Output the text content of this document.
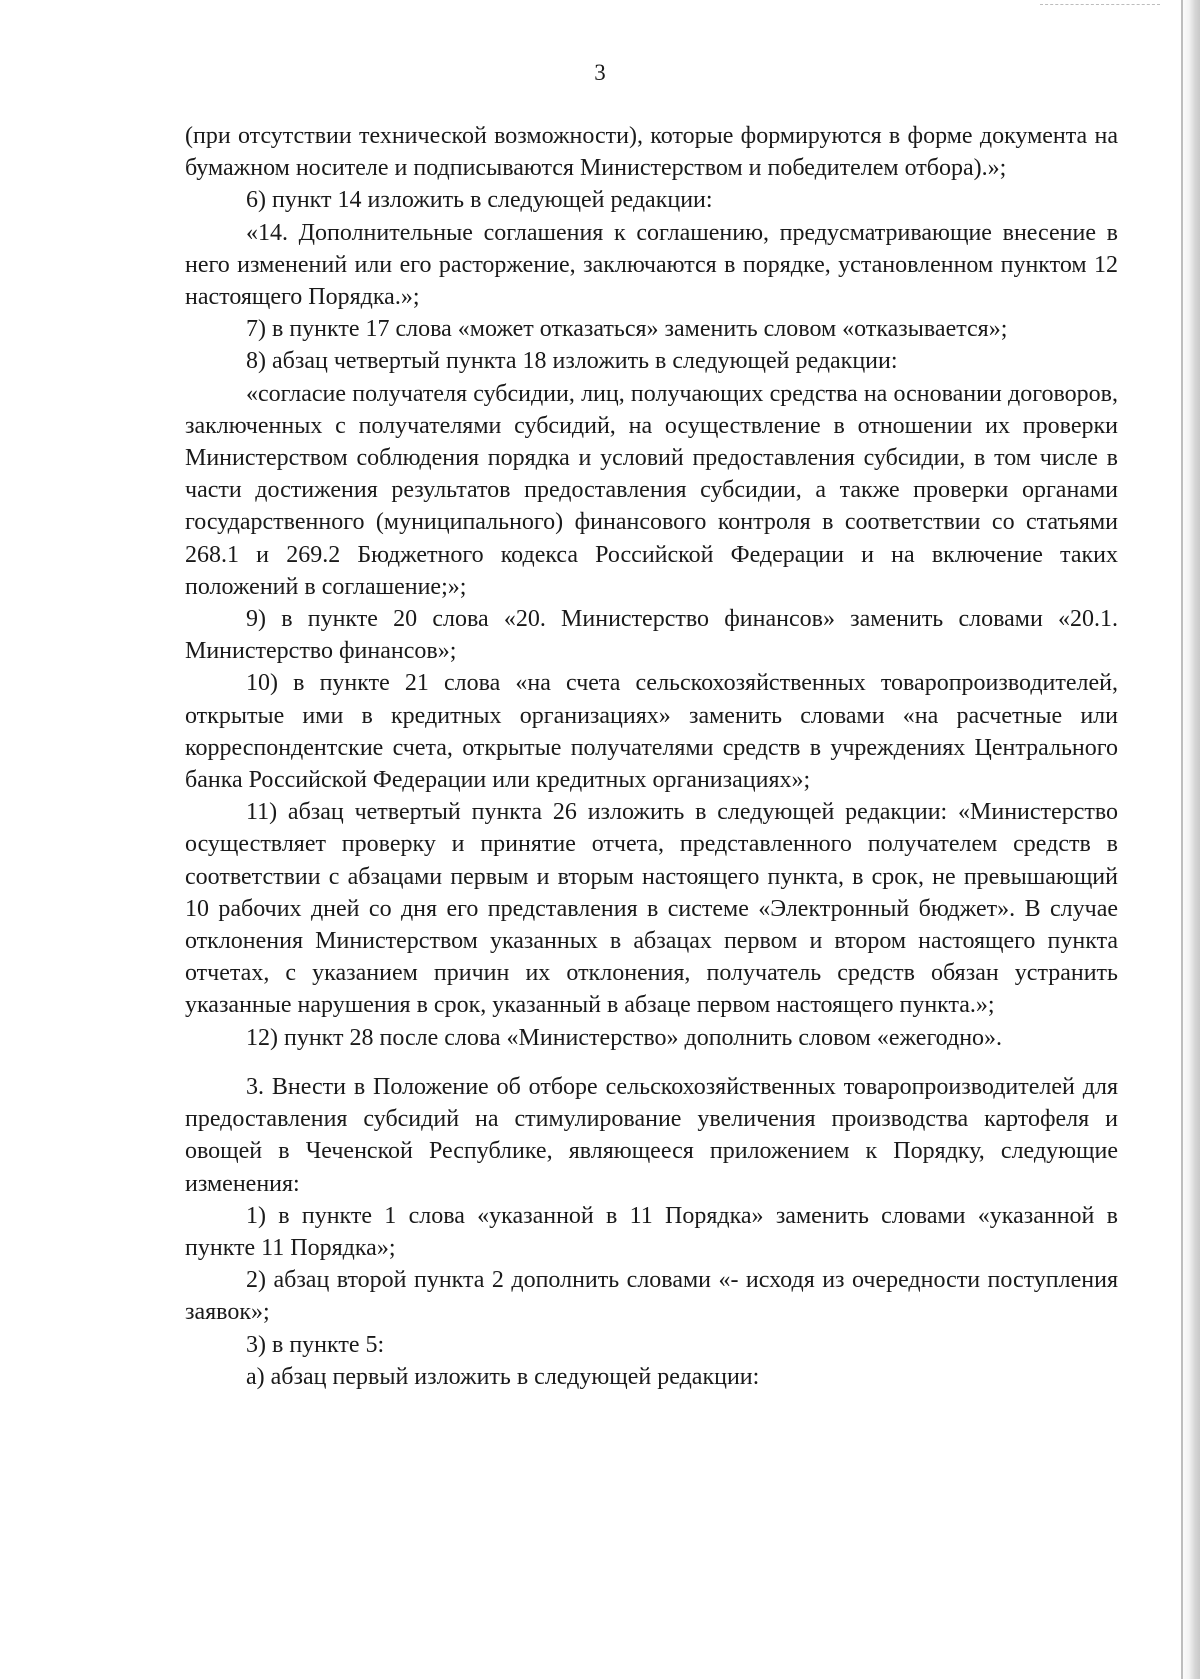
3

(при отсутствии технической возможности), которые формируются в форме документа на бумажном носителе и подписываются Министерством и победителем отбора).»;

6) пункт 14 изложить в следующей редакции:

«14. Дополнительные соглашения к соглашению, предусматривающие внесение в него изменений или его расторжение, заключаются в порядке, установленном пунктом 12 настоящего Порядка.»;

7) в пункте 17 слова «может отказаться» заменить словом «отказывается»;

8) абзац четвертый пункта 18 изложить в следующей редакции:

«согласие получателя субсидии, лиц, получающих средства на основании договоров, заключенных с получателями субсидий, на осуществление в отношении их проверки Министерством соблюдения порядка и условий предоставления субсидии, в том числе в части достижения результатов предоставления субсидии, а также проверки органами государственного (муниципального) финансового контроля в соответствии со статьями 268.1 и 269.2 Бюджетного кодекса Российской Федерации и на включение таких положений в соглашение;»;

9) в пункте 20 слова «20. Министерство финансов» заменить словами «20.1. Министерство финансов»;

10) в пункте 21 слова «на счета сельскохозяйственных товаропроизводителей, открытые ими в кредитных организациях» заменить словами «на расчетные или корреспондентские счета, открытые получателями средств в учреждениях Центрального банка Российской Федерации или кредитных организациях»;

11) абзац четвертый пункта 26 изложить в следующей редакции: «Министерство осуществляет проверку и принятие отчета, представленного получателем средств в соответствии с абзацами первым и вторым настоящего пункта, в срок, не превышающий 10 рабочих дней со дня его представления в системе «Электронный бюджет». В случае отклонения Министерством указанных в абзацах первом и втором настоящего пункта отчетах, с указанием причин их отклонения, получатель средств обязан устранить указанные нарушения в срок, указанный в абзаце первом настоящего пункта.»;

12) пункт 28 после слова «Министерство» дополнить словом «ежегодно».

3. Внести в Положение об отборе сельскохозяйственных товаропроизводителей для предоставления субсидий на стимулирование увеличения производства картофеля и овощей в Чеченской Республике, являющееся приложением к Порядку, следующие изменения:

1) в пункте 1 слова «указанной в 11 Порядка» заменить словами «указанной в пункте 11 Порядка»;

2) абзац второй пункта 2 дополнить словами «- исходя из очередности поступления заявок»;

3) в пункте 5:

а) абзац первый изложить в следующей редакции:
